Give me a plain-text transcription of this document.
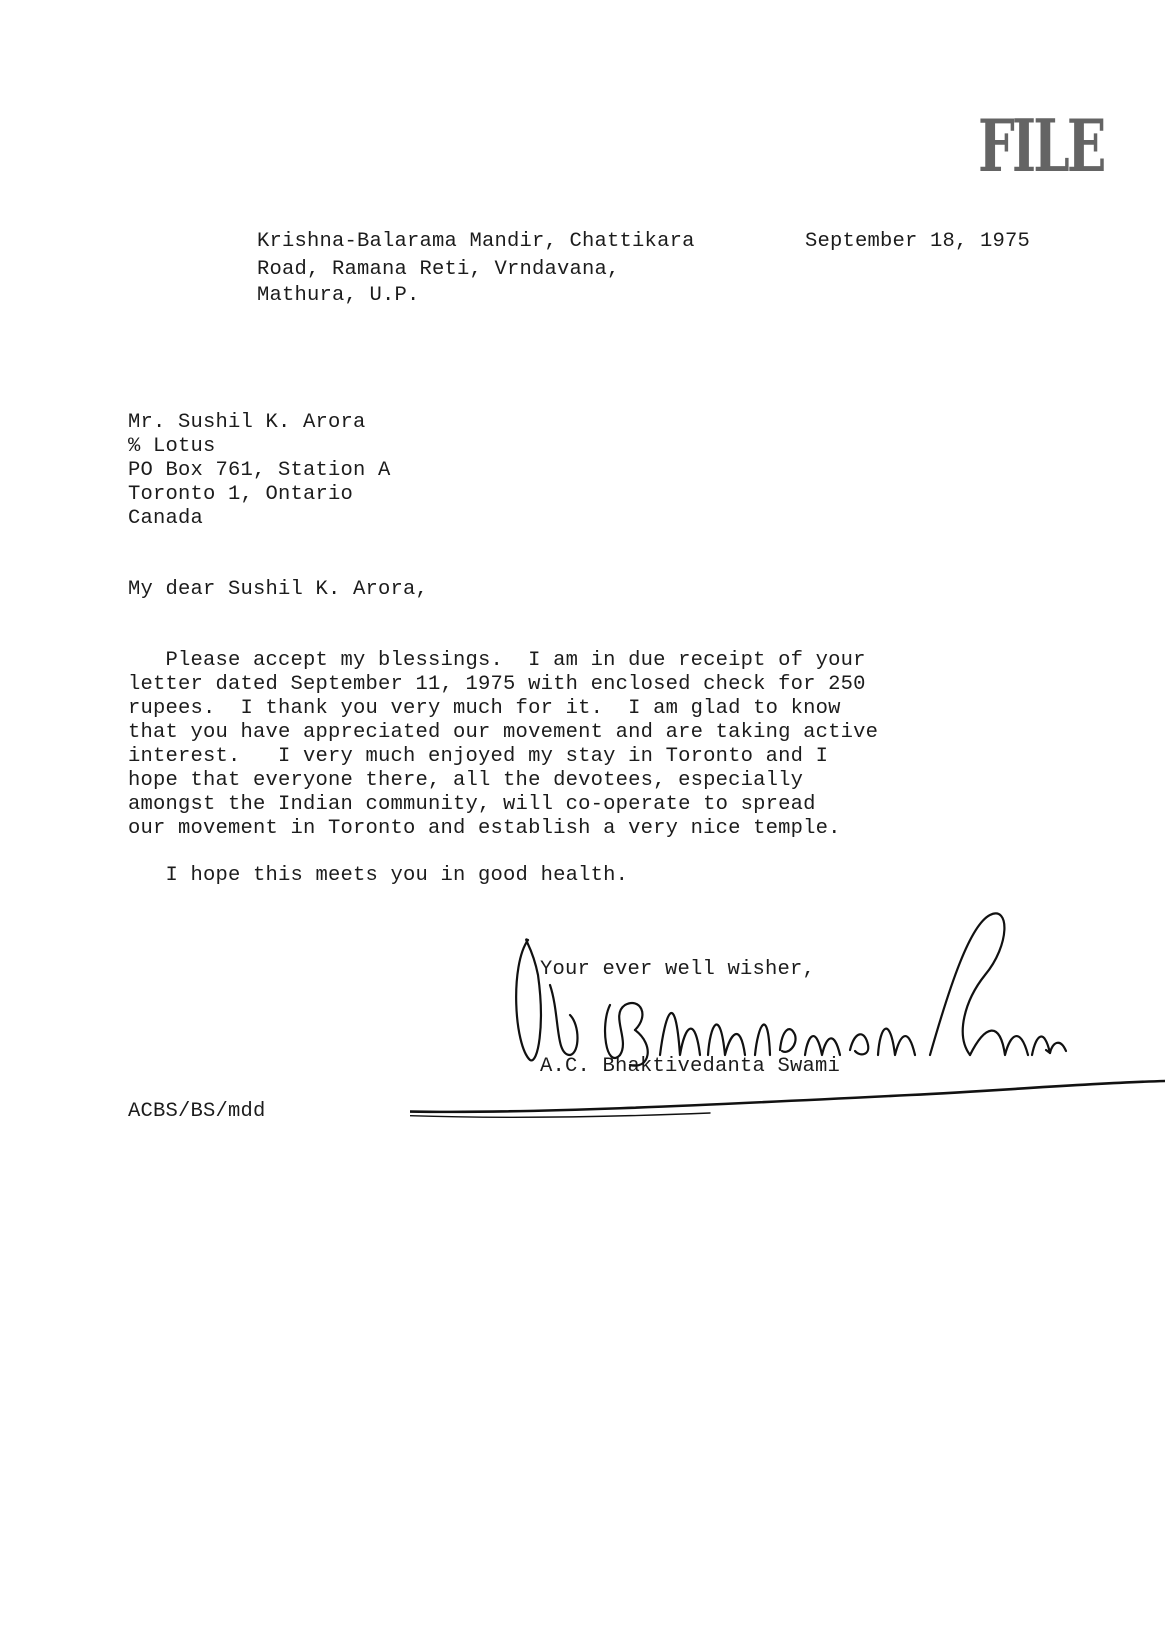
FILE
Krishna-Balarama Mandir, Chattikara
Road, Ramana Reti, Vrndavana,
Mathura, U.P.
September 18, 1975
Mr. Sushil K. Arora
% Lotus
PO Box 761, Station A
Toronto 1, Ontario
Canada
My dear Sushil K. Arora,
Please accept my blessings.  I am in due receipt of your
letter dated September 11, 1975 with enclosed check for 250
rupees.  I thank you very much for it.  I am glad to know
that you have appreciated our movement and are taking active
interest.   I very much enjoyed my stay in Toronto and I
hope that everyone there, all the devotees, especially
amongst the Indian community, will co-operate to spread
our movement in Toronto and establish a very nice temple.
I hope this meets you in good health.
Your ever well wisher,
A.C. Bhaktivedanta Swami
ACBS/BS/mdd
